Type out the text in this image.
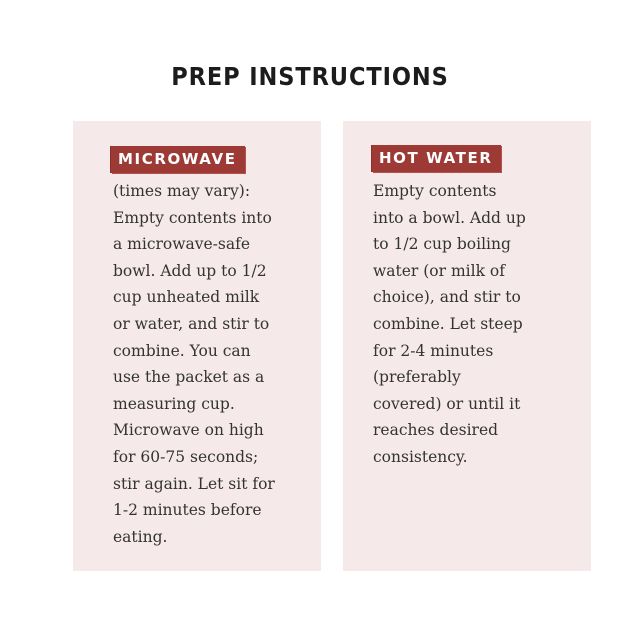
PREP INSTRUCTIONS
MICROWAVE

(times may vary):
Empty contents into
a microwave-safe
bowl. Add up to 1/2
cup unheated milk
or water, and stir to
combine. You can
use the packet as a
measuring cup.
Microwave on high
for 60-75 seconds;
stir again. Let sit for
1-2 minutes before
eating.

HOT WATER

Empty contents
into a bowl. Add up
to 1/2 cup boiling
water (or milk of
choice), and stir to
combine. Let steep
for 2-4 minutes
(preferably
covered) or until it
reaches desired
consistency.
